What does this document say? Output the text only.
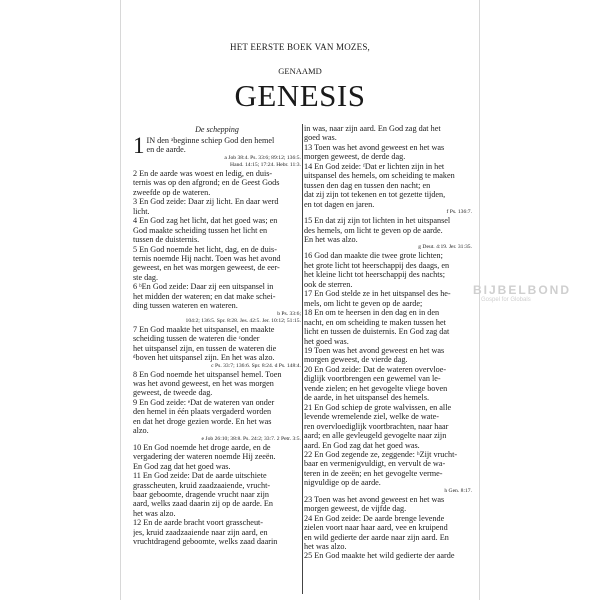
HET EERSTE BOEK VAN MOZES,
GENAAMD
GENESIS
De schepping

1 IN den ᵃbeginne schiep God den hemel

en de aarde.

a Job 38:4. Ps. 33:6; 89:12; 136:5.

Hand. 14:15; 17:24. Hebr. 11:3.

2 En de aarde was woest en ledig, en duis-

ternis was op den afgrond; en de Geest Gods

zweefde op de wateren.

3 En God zeide: Daar zij licht. En daar werd

licht.

4 En God zag het licht, dat het goed was; en

God maakte scheiding tussen het licht en

tussen de duisternis.

5 En God noemde het licht, dag, en de duis-

ternis noemde Hij nacht. Toen was het avond

geweest, en het was morgen geweest, de eer-

ste dag.

6 ᵇEn God zeide: Daar zij een uitspansel in

het midden der wateren; en dat make schei-

ding tussen wateren en wateren.

b Ps. 33:6;

104:2; 136:5. Spr. 8:28. Jes. 42:5. Jer. 10:12; 51:15.

7 En God maakte het uitspansel, en maakte

scheiding tussen de wateren die ᶜonder

het uitspansel zijn, en tussen de wateren die

ᵈboven het uitspansel zijn. En het was alzo.

c Ps. 33:7; 136:6. Spr. 8:24. d Ps. 148:4.

8 En God noemde het uitspansel hemel. Toen

was het avond geweest, en het was morgen

geweest, de tweede dag.

9 En God zeide: ᵉDat de wateren van onder

den hemel in één plaats vergaderd worden

en dat het droge gezien worde. En het was

alzo.

e Job 26:10; 38:8. Ps. 24:2; 33:7. 2 Petr. 3:5.

10 En God noemde het droge aarde, en de

vergadering der wateren noemde Hij zeeën.

En God zag dat het goed was.

11 En God zeide: Dat de aarde uitschiete

grasscheuten, kruid zaadzaaiende, vrucht-

baar geboomte, dragende vrucht naar zijn

aard, welks zaad daarin zij op de aarde. En

het was alzo.

12 En de aarde bracht voort grasscheut-

jes, kruid zaadzaaiende naar zijn aard, en

vruchtdragend geboomte, welks zaad daarin

in was, naar zijn aard. En God zag dat het

goed was.

13 Toen was het avond geweest en het was

morgen geweest, de derde dag.

14 En God zeide: ᶠDat er lichten zijn in het

uitspansel des hemels, om scheiding te maken

tussen den dag en tussen den nacht; en

dat zij zijn tot tekenen en tot gezette tijden,

en tot dagen en jaren.

f Ps. 136:7.

15 En dat zij zijn tot lichten in het uitspansel

des hemels, om licht te geven op de aarde.

En het was alzo.

g Deut. 4:19. Jer. 31:35.

16 God dan maakte die twee grote lichten;

het grote licht tot heerschappij des daags, en

het kleine licht tot heerschappij des nachts;

ook de sterren.

17 En God stelde ze in het uitspansel des he-

mels, om licht te geven op de aarde;

18 En om te heersen in den dag en in den

nacht, en om scheiding te maken tussen het

licht en tussen de duisternis. En God zag dat

het goed was.

19 Toen was het avond geweest en het was

morgen geweest, de vierde dag.

20 En God zeide: Dat de wateren overvloe-

diglijk voortbrengen een gewemel van le-

vende zielen; en het gevogelte vliege boven

de aarde, in het uitspansel des hemels.

21 En God schiep de grote walvissen, en alle

levende wremelende ziel, welke de wate-

ren overvloediglijk voortbrachten, naar haar

aard; en alle gevleugeld gevogelte naar zijn

aard. En God zag dat het goed was.

22 En God zegende ze, zeggende: ʰZijt vrucht-

baar en vermenigvuldigt, en vervult de wa-

teren in de zeeën; en het gevogelte verme-

nigvuldige op de aarde.

h Gen. 8:17.

23 Toen was het avond geweest en het was

morgen geweest, de vijfde dag.

24 En God zeide: De aarde brenge levende

zielen voort naar haar aard, vee en kruipend

en wild gedierte der aarde naar zijn aard. En

het was alzo.

25 En God maakte het wild gedierte der aarde

BIJBELBOND
Gospel for Globals
